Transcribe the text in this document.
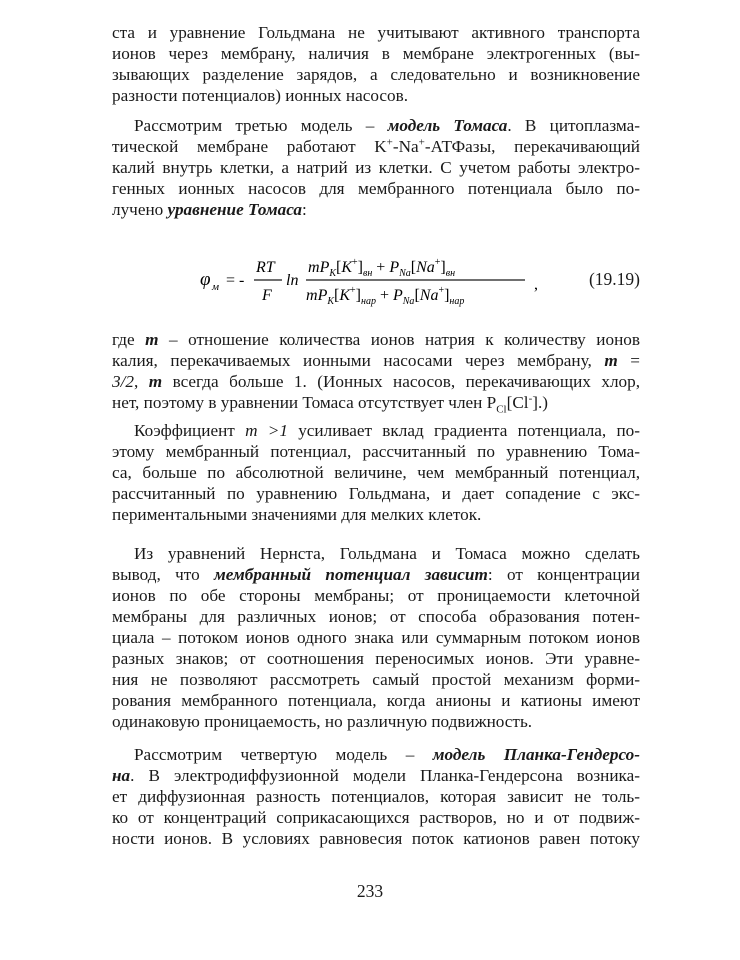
ста и уравнение Гольдмана не учитывают активного транспорта
ионов через мембрану, наличия в мембране электрогенных (вы-
зывающих разделение зарядов, а следовательно и возникновение
разности потенциалов) ионных насосов.
Рассмотрим третью модель – модель Томаса. В цитоплазма-
тической мембране работают K+-Na+-АТФазы, перекачивающий
калий внутрь клетки, а натрий из клетки. С учетом работы электро-
генных ионных насосов для мембранного потенциала было по-
лучено уравнение Томаса:
φ м = -
RT
F
ln
$mP_K[K^+]_{вн} + P_{Na}[Na^+]_{вн}$
$mP_K[K^+]_{нар} + P_{Na}[Na^+]_{нар}$
,	(19.19)
где m – отношение количества ионов натрия к количеству ионов
калия, перекачиваемых ионными насосами через мембрану, m =
3/2, m всегда больше 1. (Ионных насосов, перекачивающих хлор,
нет, поэтому в уравнении Томаса отсутствует член $P_{Cl}[Cl^-]$.)
Коэффициент m >1 усиливает вклад градиента потенциала, по-
этому мембранный потенциал, рассчитанный по уравнению Тома-
са, больше по абсолютной величине, чем мембранный потенциал,
рассчитанный по уравнению Гольдмана, и дает сопадение с экс-
периментальными значениями для мелких клеток.
Из уравнений Нернста, Гольдмана и Томаса можно сделать
вывод, что мембранный потенциал зависит: от концентрации
ионов по обе стороны мембраны; от проницаемости клеточной
мембраны для различных ионов; от способа образования потен-
циала – потоком ионов одного знака или суммарным потоком ионов
разных знаков; от соотношения переносимых ионов. Эти уравне-
ния не позволяют рассмотреть самый простой механизм форми-
рования мембранного потенциала, когда анионы и катионы имеют
одинаковую проницаемость, но различную подвижность.
Рассмотрим четвертую модель – модель Планка-Гендерсо-
на. В электродиффузионной модели Планка-Гендерсона возника-
ет диффузионная разность потенциалов, которая зависит не толь-
ко от концентраций соприкасающихся растворов, но и от подвиж-
ности ионов. В условиях равновесия поток катионов равен потоку
233
